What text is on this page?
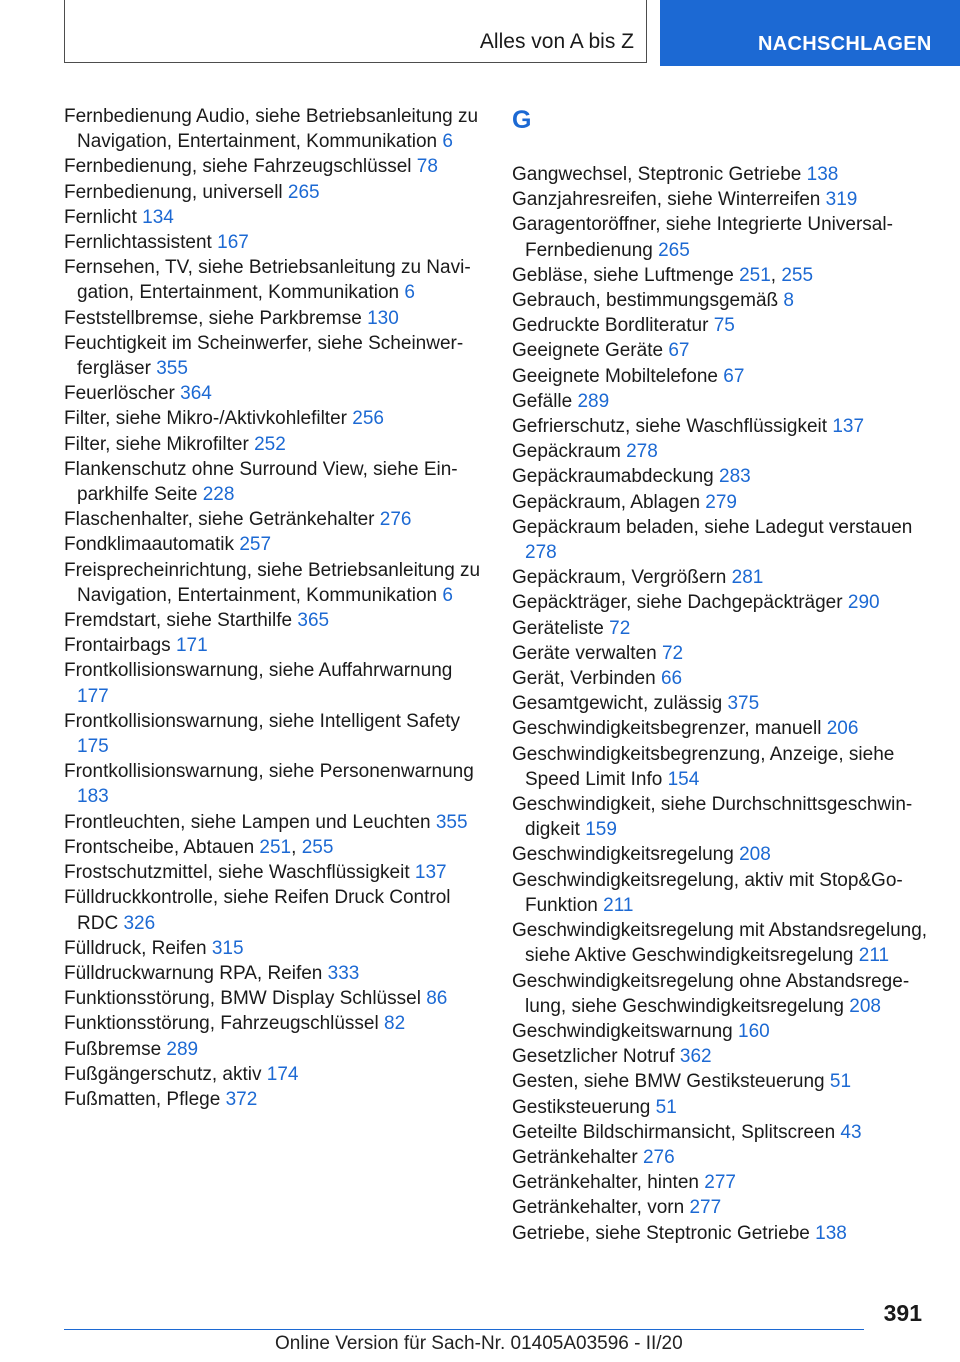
Alles von A bis Z	NACHSCHLAGEN
Fernbedienung Audio, siehe Betriebsanleitung zu Navigation, Entertainment, Kommunikation 6
Fernbedienung, siehe Fahrzeugschlüssel 78
Fernbedienung, universell 265
Fernlicht 134
Fernlichtassistent 167
Fernsehen, TV, siehe Betriebsanleitung zu Navigation, Entertainment, Kommunikation 6
Feststellbremse, siehe Parkbremse 130
Feuchtigkeit im Scheinwerfer, siehe Scheinwerfergläser 355
Feuerlöscher 364
Filter, siehe Mikro-/Aktivkohlefilter 256
Filter, siehe Mikrofilter 252
Flankenschutz ohne Surround View, siehe Einparkhilfe Seite 228
Flaschenhalter, siehe Getränkehalter 276
Fondklimaautomatik 257
Freisprecheinrichtung, siehe Betriebsanleitung zu Navigation, Entertainment, Kommunikation 6
Fremdstart, siehe Starthilfe 365
Frontairbags 171
Frontkollisionswarnung, siehe Auffahrwarnung 177
Frontkollisionswarnung, siehe Intelligent Safety 175
Frontkollisionswarnung, siehe Personenwarnung 183
Frontleuchten, siehe Lampen und Leuchten 355
Frontscheibe, Abtauen 251, 255
Frostschutzmittel, siehe Waschflüssigkeit 137
Fülldruckkontrolle, siehe Reifen Druck Control RDC 326
Fülldruck, Reifen 315
Fülldruckwarnung RPA, Reifen 333
Funktionsstörung, BMW Display Schlüssel 86
Funktionsstörung, Fahrzeugschlüssel 82
Fußbremse 289
Fußgängerschutz, aktiv 174
Fußmatten, Pflege 372
G
Gangwechsel, Steptronic Getriebe 138
Ganzjahresreifen, siehe Winterreifen 319
Garagentoröffner, siehe Integrierte Universal-Fernbedienung 265
Gebläse, siehe Luftmenge 251, 255
Gebrauch, bestimmungsgemäß 8
Gedruckte Bordliteratur 75
Geeignete Geräte 67
Geeignete Mobiltelefone 67
Gefälle 289
Gefrierschutz, siehe Waschflüssigkeit 137
Gepäckraum 278
Gepäckraumabdeckung 283
Gepäckraum, Ablagen 279
Gepäckraum beladen, siehe Ladegut verstauen 278
Gepäckraum, Vergrößern 281
Gepäckträger, siehe Dachgepäckträger 290
Geräteliste 72
Geräte verwalten 72
Gerät, Verbinden 66
Gesamtgewicht, zulässig 375
Geschwindigkeitsbegrenzer, manuell 206
Geschwindigkeitsbegrenzung, Anzeige, siehe Speed Limit Info 154
Geschwindigkeit, siehe Durchschnittsgeschwindigkeit 159
Geschwindigkeitsregelung 208
Geschwindigkeitsregelung, aktiv mit Stop&Go-Funktion 211
Geschwindigkeitsregelung mit Abstandsregelung, siehe Aktive Geschwindigkeitsregelung 211
Geschwindigkeitsregelung ohne Abstandsregelung, siehe Geschwindigkeitsregelung 208
Geschwindigkeitswarnung 160
Gesetzlicher Notruf 362
Gesten, siehe BMW Gestiksteuerung 51
Gestiksteuerung 51
Geteilte Bildschirmansicht, Splitscreen 43
Getränkehalter 276
Getränkehalter, hinten 277
Getränkehalter, vorn 277
Getriebe, siehe Steptronic Getriebe 138
391
Online Version für Sach-Nr. 01405A03596 - II/20
